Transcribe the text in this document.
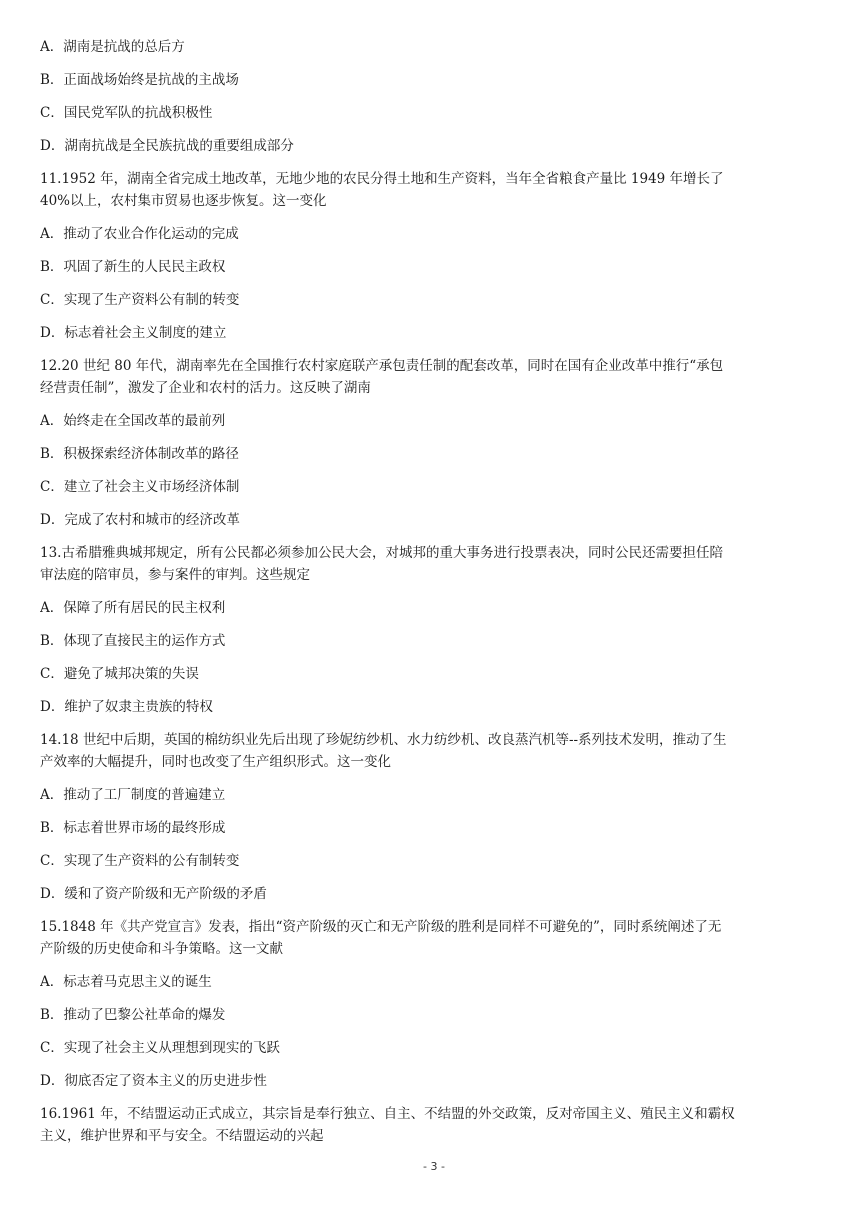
A．湖南是抗战的总后方
B．正面战场始终是抗战的主战场
C．国民党军队的抗战积极性
D．湖南抗战是全民族抗战的重要组成部分
11.1952 年，湖南全省完成土地改革，无地少地的农民分得土地和生产资料，当年全省粮食产量比 1949 年增长了
40%以上，农村集市贸易也逐步恢复。这一变化
A．推动了农业合作化运动的完成
B．巩固了新生的人民民主政权
C．实现了生产资料公有制的转变
D．标志着社会主义制度的建立
12.20 世纪 80 年代，湖南率先在全国推行农村家庭联产承包责任制的配套改革，同时在国有企业改革中推行“承包
经营责任制”，激发了企业和农村的活力。这反映了湖南
A．始终走在全国改革的最前列
B．积极探索经济体制改革的路径
C．建立了社会主义市场经济体制
D．完成了农村和城市的经济改革
13.古希腊雅典城邦规定，所有公民都必须参加公民大会，对城邦的重大事务进行投票表决，同时公民还需要担任陪
审法庭的陪审员，参与案件的审判。这些规定
A．保障了所有居民的民主权利
B．体现了直接民主的运作方式
C．避免了城邦决策的失误
D．维护了奴隶主贵族的特权
14.18 世纪中后期，英国的棉纺织业先后出现了珍妮纺纱机、水力纺纱机、改良蒸汽机等--系列技术发明，推动了生
产效率的大幅提升，同时也改变了生产组织形式。这一变化
A．推动了工厂制度的普遍建立
B．标志着世界市场的最终形成
C．实现了生产资料的公有制转变
D．缓和了资产阶级和无产阶级的矛盾
15.1848 年《共产党宣言》发表，指出“资产阶级的灭亡和无产阶级的胜利是同样不可避免的”，同时系统阐述了无
产阶级的历史使命和斗争策略。这一文献
A．标志着马克思主义的诞生
B．推动了巴黎公社革命的爆发
C．实现了社会主义从理想到现实的飞跃
D．彻底否定了资本主义的历史进步性
16.1961 年，不结盟运动正式成立，其宗旨是奉行独立、自主、不结盟的外交政策，反对帝国主义、殖民主义和霸权
主义，维护世界和平与安全。不结盟运动的兴起
- 3 -
